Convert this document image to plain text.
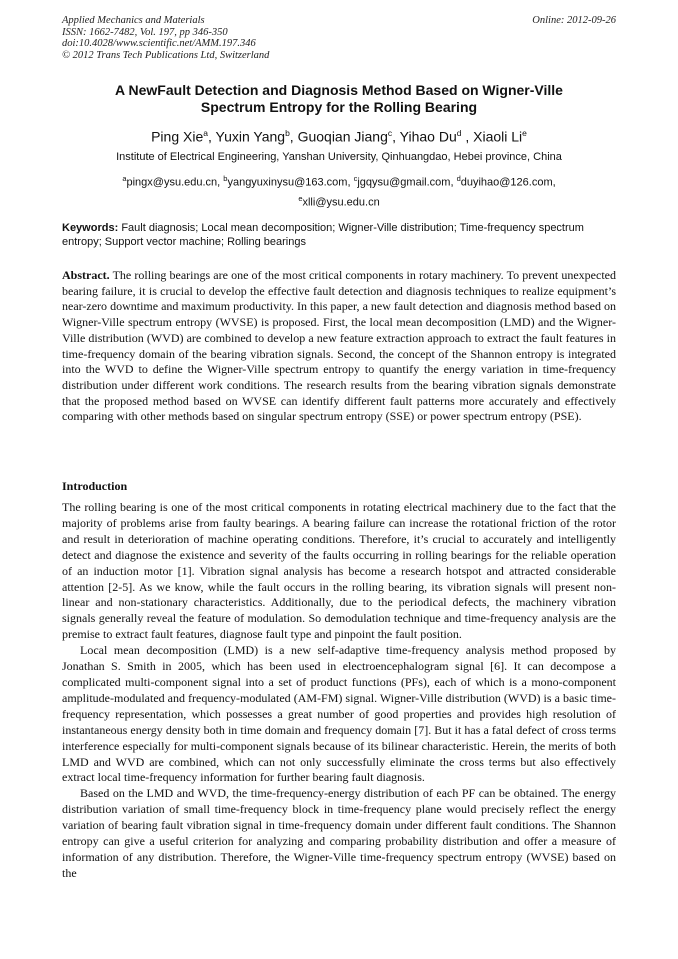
Applied Mechanics and Materials
ISSN: 1662-7482, Vol. 197, pp 346-350
doi:10.4028/www.scientific.net/AMM.197.346
© 2012 Trans Tech Publications Ltd, Switzerland
Online: 2012-09-26
A NewFault Detection and Diagnosis Method Based on Wigner-Ville
Spectrum Entropy for the Rolling Bearing
Ping Xie$^a$, Yuxin Yang$^b$, Guoqian Jiang$^c$, Yihao Du$^d$ , Xiaoli Li$^e$
Institute of Electrical Engineering, Yanshan University, Qinhuangdao, Hebei province, China
$^a$pingx@ysu.edu.cn, $^b$yangyuxinysu@163.com, $^c$jgqysu@gmail.com, $^d$duyihao@126.com,
$^e$xlli@ysu.edu.cn
Keywords: Fault diagnosis; Local mean decomposition; Wigner-Ville distribution; Time-frequency spectrum entropy; Support vector machine; Rolling bearings
Abstract. The rolling bearings are one of the most critical components in rotary machinery. To prevent unexpected bearing failure, it is crucial to develop the effective fault detection and diagnosis techniques to realize equipment’s near-zero downtime and maximum productivity. In this paper, a new fault detection and diagnosis method based on Wigner-Ville spectrum entropy (WVSE) is proposed. First, the local mean decomposition (LMD) and the Wigner-Ville distribution (WVD) are combined to develop a new feature extraction approach to extract the fault features in time-frequency domain of the bearing vibration signals. Second, the concept of the Shannon entropy is integrated into the WVD to define the Wigner-Ville spectrum entropy to quantify the energy variation in time-frequency distribution under different work conditions. The research results from the bearing vibration signals demonstrate that the proposed method based on WVSE can identify different fault patterns more accurately and effectively comparing with other methods based on singular spectrum entropy (SSE) or power spectrum entropy (PSE).
Introduction

The rolling bearing is one of the most critical components in rotating electrical machinery due to the fact that the majority of problems arise from faulty bearings. A bearing failure can increase the rotational friction of the rotor and result in deterioration of machine operating conditions. Therefore, it’s crucial to accurately and intelligently detect and diagnose the existence and severity of the faults occurring in rolling bearings for the reliable operation of an induction motor [1]. Vibration signal analysis has become a research hotspot and attracted considerable attention [2-5]. As we know, while the fault occurs in the rolling bearing, its vibration signals will present non-linear and non-stationary characteristics. Additionally, due to the periodical defects, the machinery vibration signals generally reveal the feature of modulation. So demodulation technique and time-frequency analysis are the premise to extract fault features, diagnose fault type and pinpoint the fault position.

Local mean decomposition (LMD) is a new self-adaptive time-frequency analysis method proposed by Jonathan S. Smith in 2005, which has been used in electroencephalogram signal [6]. It can decompose a complicated multi-component signal into a set of product functions (PFs), each of which is a mono-component amplitude-modulated and frequency-modulated (AM-FM) signal. Wigner-Ville distribution (WVD) is a basic time-frequency representation, which possesses a great number of good properties and provides high resolution of instantaneous energy density both in time domain and frequency domain [7]. But it has a fatal defect of cross terms interference especially for multi-component signals because of its bilinear characteristic. Herein, the merits of both LMD and WVD are combined, which can not only successfully eliminate the cross terms but also effectively extract local time-frequency information for further bearing fault diagnosis.

Based on the LMD and WVD, the time-frequency-energy distribution of each PF can be obtained. The energy distribution variation of small time-frequency block in time-frequency plane would precisely reflect the energy variation of bearing fault vibration signal in time-frequency domain under different fault conditions. The Shannon entropy can give a useful criterion for analyzing and comparing probability distribution and offer a measure of information of any distribution. Therefore, the Wigner-Ville time-frequency spectrum entropy (WVSE) based on the
